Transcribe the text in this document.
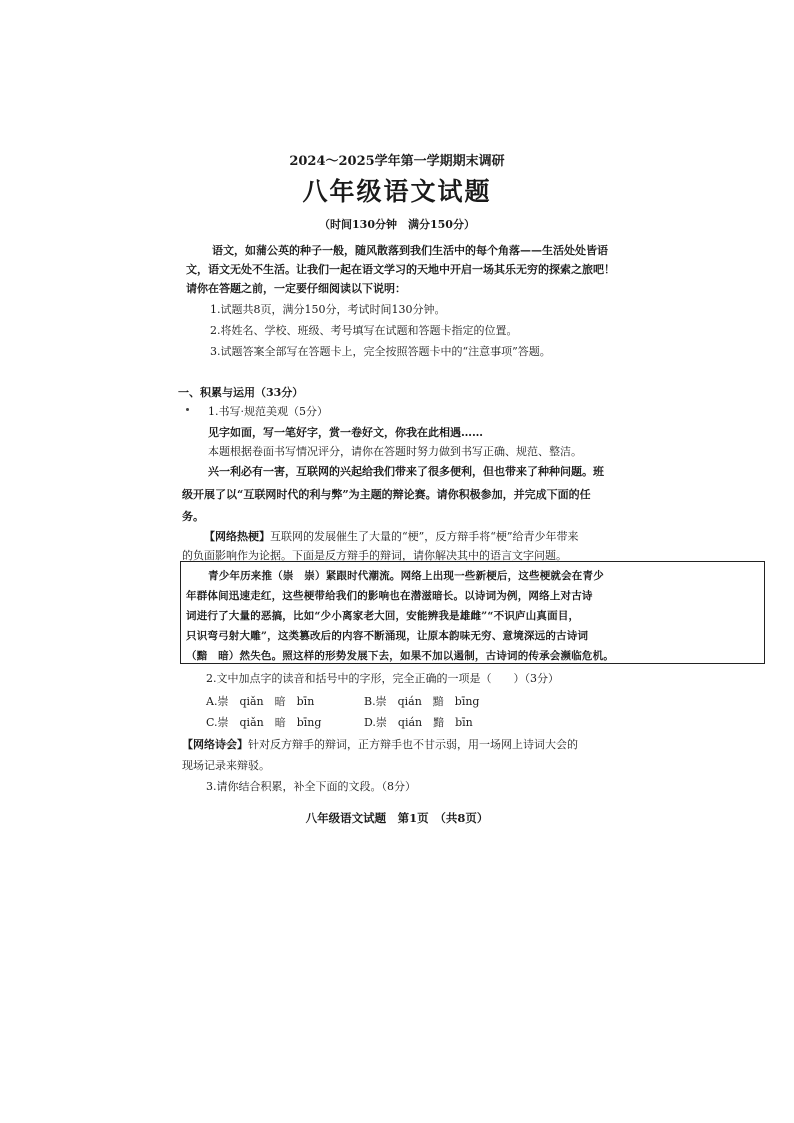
2024～2025学年第一学期期末调研
八年级语文试题
（时间130分钟　满分150分）
语文，如蒲公英的种子一般，随风散落到我们生活中的每个角落——生活处处皆语
文，语文无处不生活。让我们一起在语文学习的天地中开启一场其乐无穷的探索之旅吧！
请你在答题之前，一定要仔细阅读以下说明：
1.试题共8页，满分150分，考试时间130分钟。
2.将姓名、学校、班级、考号填写在试题和答题卡指定的位置。
3.试题答案全部写在答题卡上，完全按照答题卡中的“注意事项”答题。
一、积累与运用（33分）
1.书写·规范美观（5分）
见字如面，写一笔好字，赏一卷好文，你我在此相遇……
本题根据卷面书写情况评分，请你在答题时努力做到书写正确、规范、整洁。
兴一利必有一害，互联网的兴起给我们带来了很多便利，但也带来了种种问题。班
级开展了以“互联网时代的利与弊”为主题的辩论赛。请你积极参加，并完成下面的任
务。
【网络热梗】互联网的发展催生了大量的“梗”，反方辩手将“梗”给青少年带来
的负面影响作为论据。下面是反方辩手的辩词，请你解决其中的语言文字问题。
青少年历来推（崇　崇）紧跟时代潮流。网络上出现一些新梗后，这些梗就会在青少
年群体间迅速走红，这些梗带给我们的影响也在潜滋暗长。以诗词为例，网络上对古诗
词进行了大量的恶搞，比如“少小离家老大回，安能辨我是雄雌”“不识庐山真面目，
只识弯弓射大雕”，这类篡改后的内容不断涌现，让原本韵味无穷、意境深远的古诗词
（黯　暗）然失色。照这样的形势发展下去，如果不加以遏制，古诗词的传承会濒临危机。
2.文中加点字的读音和括号中的字形，完全正确的一项是（　　）（3分）
A.崇　qiǎn　暗　bīn	B.崇　qián　黯　bīng
C.崇　qiǎn　暗　bīng	D.崇　qián　黯　bīn
【网络诗会】针对反方辩手的辩词，正方辩手也不甘示弱，用一场网上诗词大会的
现场记录来辩驳。
3.请你结合积累，补全下面的文段。（8分）
八年级语文试题　第1页　（共8页）
